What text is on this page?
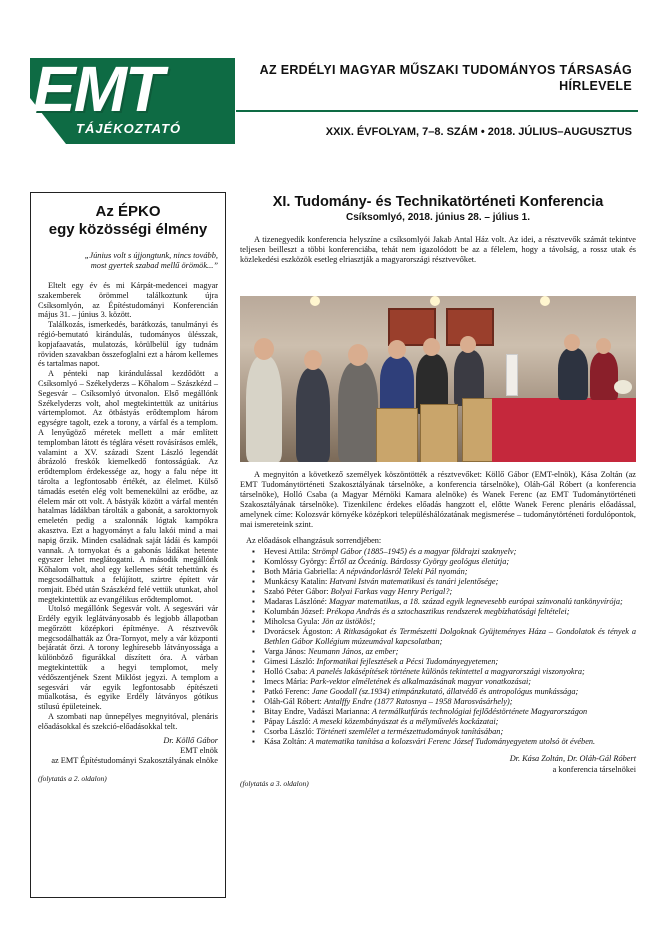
EMT
TÁJÉKOZTATÓ
AZ ERDÉLYI MAGYAR MŰSZAKI TUDOMÁNYOS TÁRSASÁG
HÍRLEVELE
XXIX. ÉVFOLYAM, 7–8. SZÁM • 2018. JÚLIUS–AUGUSZTUS
Az ÉPKO
egy közösségi élmény
„Június volt s újjongtunk, nincs tovább,
most gyertek szabad mellű örömök...”

Eltelt egy év és mi Kárpát-medencei magyar szakemberek örömmel találkoztunk újra Csíksomlyón, az Építéstudományi Konferencián május 31. – június 3. között.

Találkozás, ismerkedés, barátkozás, tanulmányi és régió-bemutató kirándulás, tudományos ülésszak, kopjafaavatás, mulatozás, körülbelül így tudnám röviden szavakban összefoglalni ezt a három kellemes és tartalmas napot.

A pénteki nap kirándulással kezdődött a Csíksomlyó – Székelyderzs – Kőhalom – Szászkézd – Segesvár – Csíksomlyó útvonalon. Első megállónk Székelyderzs volt, ahol megtekintettük az unitárius vártemplomot. Az ötbástyás erődtemplom három egységre tagolt, ezek a torony, a várfal és a templom. A lenyűgöző méretek mellett a már említett templomban látott és téglára vésett rovásírásos emlék, valamint a XV. századi Szent László legendát ábrázoló freskók kiemelkedő fontosságúak. Az erődtemplom érdekessége az, hogy a falu népe itt tárolta a legfontosabb értékét, az élelmet. Külső támadás esetén elég volt bemenekülni az erődbe, az élelem már ott volt. A bástyák között a várfal mentén hatalmas ládákban tárolták a gabonát, a saroktornyok emeletén pedig a szalonnák lógtak kampókra akasztva. Ezt a hagyományt a falu lakói mind a mai napig őrzik. Minden családnak saját ládái és kampói vannak. A tornyokat és a gabonás ládákat hetente egyszer lehet meglátogatni. A második megállónk Kőhalom volt, ahol egy kellemes sétát tehettünk és megcsodálhattuk a felújított, szirtre épített vár romjait. Ebéd után Szászkézd felé vettük utunkat, ahol megtekintettük az evangélikus erődtemplomot.

Utolsó megállónk Segesvár volt. A segesvári vár Erdély egyik leglátványosabb és legjobb állapotban megőrzött középkori építménye. A résztvevők megcsodálhatták az Óra-Tornyot, mely a vár központi bejáratát őrzi. A torony leghíresebb látványossága a különböző figurákkal díszített óra. A várban megtekintettük a hegyi templomot, mely védőszentjének Szent Miklóst jegyzi. A templom a segesvári vár egyik legfontosabb építészeti műalkotása, és egyike Erdély látványos gótikus stílusú épületeinek.

A szombati nap ünnepélyes megnyitóval, plenáris előadásokkal és szekció-előadásokkal telt.

Dr. Köllő Gábor
EMT elnök
az EMT Építéstudományi Szakosztályának elnöke
(folytatás a 2. oldalon)
XI. Tudomány- és Technikatörténeti Konferencia
Csíksomlyó, 2018. június 28. – július 1.

A tizenegyedik konferencia helyszíne a csíksomlyói Jakab Antal Ház volt. Az idei, a résztvevők számát tekintve teljesen beilleszt a többi konferenciába, tehát nem igazolódott be az a félelem, hogy a távolság, a rossz utak és közlekedési eszközök esetleg elriasztják a magyarországi résztvevőket.

A megnyitón a következő személyek köszöntötték a résztvevőket: Köllő Gábor (EMT-elnök), Kása Zoltán (az EMT Tudománytörténeti Szakosztályának társelnöke, a konferencia társelnöke), Oláh-Gál Róbert (a konferencia társelnöke), Holló Csaba (a Magyar Mérnöki Kamara alelnöke) és Wanek Ferenc (az EMT Tudománytörténeti Szakosztályának társelnöke). Tizenkilenc érdekes előadás hangzott el, előtte Wanek Ferenc plenáris előadással, amelynek címe: Kolozsvár környéke középkori településhálózatának megismerése – tudománytörténeti fordulópontok, mai ismereteink szint.

Az előadások elhangzásuk sorrendjében:
▪ Hevesi Attila: Strömpl Gábor (1885–1945) és a magyar földrajzi szaknyelv;
▪ Komlóssy György: Értől az Óceánig. Bárdossy György geológus életútja;
▪ Both Mária Gabriella: A népvándorlásról Teleki Pál nyomán;
▪ Munkácsy Katalin: Hatvani István matematikusi és tanári jelentősége;
▪ Szabó Péter Gábor: Bolyai Farkas vagy Henry Perigal?;
▪ Madaras Lászlóné: Magyar matematikus, a 18. század egyik legnevesebb európai színvonalú tankönyvírója;
▪ Kolumbán József: Prékopa András és a sztochasztikus rendszerek megbízhatósági feltételei;
▪ Miholcsa Gyula: Jön az üstökös!;
▪ Dvorácsek Ágoston: A Ritkaságokat és Természetti Dolgoknak Gyüjteményes Háza – Gondolatok és tények a Bethlen Gábor Kollégium múzeumával kapcsolatban;
▪ Varga János: Neumann János, az ember;
▪ Gimesi László: Informatikai fejlesztések a Pécsi Tudományegyetemen;
▪ Holló Csaba: A panelés lakásépítések története különös tekintettel a magyarországi viszonyokra;
▪ Imecs Mária: Park-vektor elméletének és alkalmazásának magyar vonatkozásai;
▪ Patkó Ferenc: Jane Goodall (sz.1934) etimpánzkutató, állatvédő és antropológus munkássága;
▪ Oláh-Gál Róbert: Antalffy Endre (1877 Ratosnya – 1958 Marosvásárhely);
▪ Bitay Endre, Vadászi Marianna: A termálkutfúrás technológiai fejlődéstörténete Magyarországon
▪ Pápay László: A meseki közembányászat és a mélyművelés kockázatai;
▪ Csorba László: Történeti szemlélet a természettudományok tanításában;
▪ Kása Zoltán: A matematika tanítása a kolozsvári Ferenc József Tudományegyetem utolsó öt évében.
Dr. Kása Zoltán, Dr. Oláh-Gál Róbert
a konferencia társelnökei
(folytatás a 3. oldalon)
